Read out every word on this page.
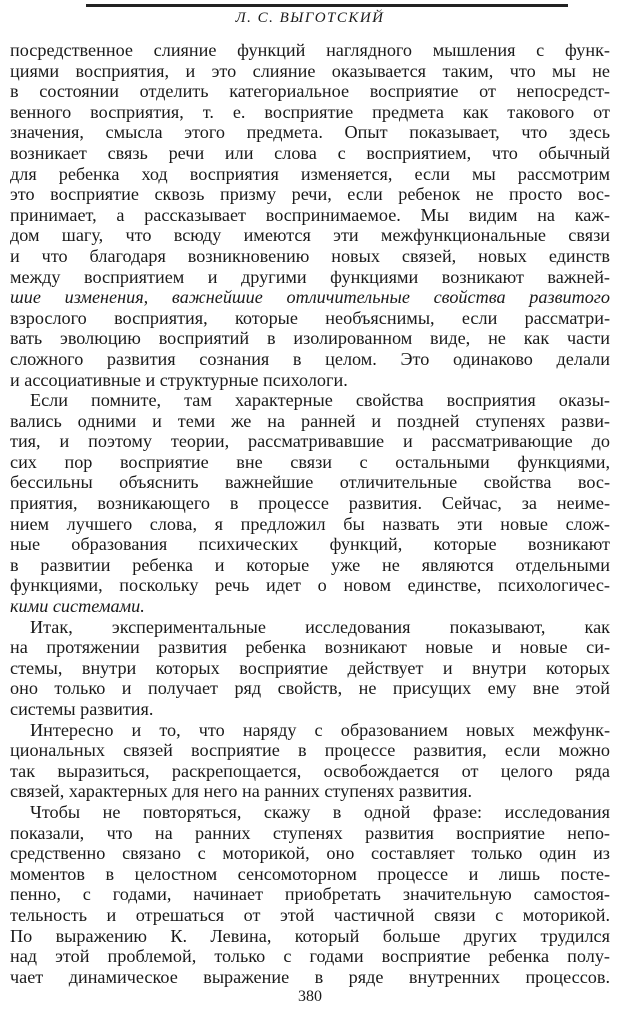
Л. С. ВЫГОТСКИЙ
посредственное слияние функций наглядного мышления с функ-
циями восприятия, и это слияние оказывается таким, что мы не
в состоянии отделить категориальное восприятие от непосредст-
венного восприятия, т. е. восприятие предмета как такового от
значения, смысла этого предмета. Опыт показывает, что здесь
возникает связь речи или слова с восприятием, что обычный
для ребенка ход восприятия изменяется, если мы рассмотрим
это восприятие сквозь призму речи, если ребенок не просто вос-
принимает, а рассказывает воспринимаемое. Мы видим на каж-
дом шагу, что всюду имеются эти межфункциональные связи
и что благодаря возникновению новых связей, новых единств
между восприятием и другими функциями возникают важней-
шие изменения, важнейшие отличительные свойства развитого
взрослого восприятия, которые необъяснимы, если рассматри-
вать эволюцию восприятий в изолированном виде, не как части
сложного развития сознания в целом. Это одинаково делали
и ассоциативные и структурные психологи.
Если помните, там характерные свойства восприятия оказы-
вались одними и теми же на ранней и поздней ступенях разви-
тия, и поэтому теории, рассматривавшие и рассматривающие до
сих пор восприятие вне связи с остальными функциями,
бессильны объяснить важнейшие отличительные свойства вос-
приятия, возникающего в процессе развития. Сейчас, за неиме-
нием лучшего слова, я предложил бы назвать эти новые слож-
ные образования психических функций, которые возникают
в развитии ребенка и которые уже не являются отдельными
функциями, поскольку речь идет о новом единстве, психологичес-
кими системами.
Итак, экспериментальные исследования показывают, как
на протяжении развития ребенка возникают новые и новые си-
стемы, внутри которых восприятие действует и внутри которых
оно только и получает ряд свойств, не присущих ему вне этой
системы развития.
Интересно и то, что наряду с образованием новых межфунк-
циональных связей восприятие в процессе развития, если можно
так выразиться, раскрепощается, освобождается от целого ряда
связей, характерных для него на ранних ступенях развития.
Чтобы не повторяться, скажу в одной фразе: исследования
показали, что на ранних ступенях развития восприятие непо-
средственно связано с моторикой, оно составляет только один из
моментов в целостном сенсомоторном процессе и лишь посте-
пенно, с годами, начинает приобретать значительную самостоя-
тельность и отрешаться от этой частичной связи с моторикой.
По выражению К. Левина, который больше других трудился
над этой проблемой, только с годами восприятие ребенка полу-
чает динамическое выражение в ряде внутренних процессов.
380
